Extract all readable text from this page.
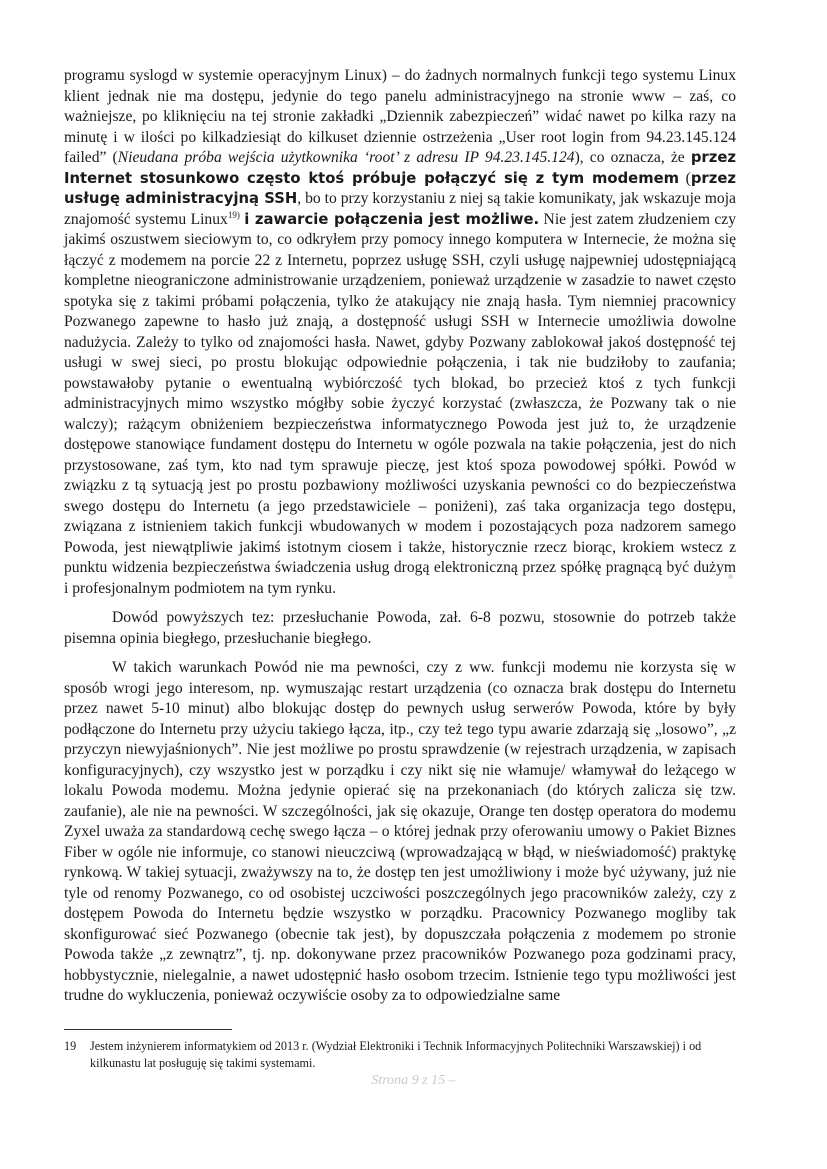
programu syslogd w systemie operacyjnym Linux) – do żadnych normalnych funkcji tego systemu Linux klient jednak nie ma dostępu, jedynie do tego panelu administracyjnego na stronie www – zaś, co ważniejsze, po kliknięciu na tej stronie zakładki „Dziennik zabezpieczeń” widać nawet po kilka razy na minutę i w ilości po kilkadziesiąt do kilkuset dziennie ostrzeżenia „User root login from 94.23.145.124 failed” (Nieudana próba wejścia użytkownika ‘root’ z adresu IP 94.23.145.124), co oznacza, że przez Internet stosunkowo często ktoś próbuje połączyć się z tym modemem (przez usługę administracyjną SSH, bo to przy korzystaniu z niej są takie komunikaty, jak wskazuje moja znajomość systemu Linux$^{19)}$ i zawarcie połączenia jest możliwe. Nie jest zatem złudzeniem czy jakimś oszustwem sieciowym to, co odkryłem przy pomocy innego komputera w Internecie, że można się łączyć z modemem na porcie 22 z Internetu, poprzez usługę SSH, czyli usługę najpewniej udostępniającą kompletne nieograniczone administrowanie urządzeniem, ponieważ urządzenie w zasadzie to nawet często spotyka się z takimi próbami połączenia, tylko że atakujący nie znają hasła. Tym niemniej pracownicy Pozwanego zapewne to hasło już znają, a dostępność usługi SSH w Internecie umożliwia dowolne nadużycia. Zależy to tylko od znajomości hasła. Nawet, gdyby Pozwany zablokował jakoś dostępność tej usługi w swej sieci, po prostu blokując odpowiednie połączenia, i tak nie budziłoby to zaufania; powstawałoby pytanie o ewentualną wybiórczość tych blokad, bo przecież ktoś z tych funkcji administracyjnych mimo wszystko mógłby sobie życzyć korzystać (zwłaszcza, że Pozwany tak o nie walczy); rażącym obniżeniem bezpieczeństwa informatycznego Powoda jest już to, że urządzenie dostępowe stanowiące fundament dostępu do Internetu w ogóle pozwala na takie połączenia, jest do nich przystosowane, zaś tym, kto nad tym sprawuje pieczę, jest ktoś spoza powodowej spółki. Powód w związku z tą sytuacją jest po prostu pozbawiony możliwości uzyskania pewności co do bezpieczeństwa swego dostępu do Internetu (a jego przedstawiciele – poniżeni), zaś taka organizacja tego dostępu, związana z istnieniem takich funkcji wbudowanych w modem i pozostających poza nadzorem samego Powoda, jest niewątpliwie jakimś istotnym ciosem i także, historycznie rzecz biorąc, krokiem wstecz z punktu widzenia bezpieczeństwa świadczenia usług drogą elektroniczną przez spółkę pragnącą być dużym i profesjonalnym podmiotem na tym rynku.

Dowód powyższych tez: przesłuchanie Powoda, zał. 6-8 pozwu, stosownie do potrzeb także pisemna opinia biegłego, przesłuchanie biegłego.

W takich warunkach Powód nie ma pewności, czy z ww. funkcji modemu nie korzysta się w sposób wrogi jego interesom, np. wymuszając restart urządzenia (co oznacza brak dostępu do Internetu przez nawet 5-10 minut) albo blokując dostęp do pewnych usług serwerów Powoda, które by były podłączone do Internetu przy użyciu takiego łącza, itp., czy też tego typu awarie zdarzają się „losowo”, „z przyczyn niewyjaśnionych”. Nie jest możliwe po prostu sprawdzenie (w rejestrach urządzenia, w zapisach konfiguracyjnych), czy wszystko jest w porządku i czy nikt się nie włamuje/ włamywał do leżącego w lokalu Powoda modemu. Można jedynie opierać się na przekonaniach (do których zalicza się tzw. zaufanie), ale nie na pewności. W szczególności, jak się okazuje, Orange ten dostęp operatora do modemu Zyxel uważa za standardową cechę swego łącza – o której jednak przy oferowaniu umowy o Pakiet Biznes Fiber w ogóle nie informuje, co stanowi nieuczciwą (wprowadzającą w błąd, w nieświadomość) praktykę rynkową. W takiej sytuacji, zważywszy na to, że dostęp ten jest umożliwiony i może być używany, już nie tyle od renomy Pozwanego, co od osobistej uczciwości poszczególnych jego pracowników zależy, czy z dostępem Powoda do Internetu będzie wszystko w porządku. Pracownicy Pozwanego mogliby tak skonfigurować sieć Pozwanego (obecnie tak jest), by dopuszczała połączenia z modemem po stronie Powoda także „z zewnątrz”, tj. np. dokonywane przez pracowników Pozwanego poza godzinami pracy, hobbystycznie, nielegalnie, a nawet udostępnić hasło osobom trzecim. Istnienie tego typu możliwości jest trudne do wykluczenia, ponieważ oczywiście osoby za to odpowiedzialne same

19 Jestem inżynierem informatykiem od 2013 r. (Wydział Elektroniki i Technik Informacyjnych Politechniki Warszawskiej) i od kilkunastu lat posługuję się takimi systemami.
Strona 9 z 15 –
